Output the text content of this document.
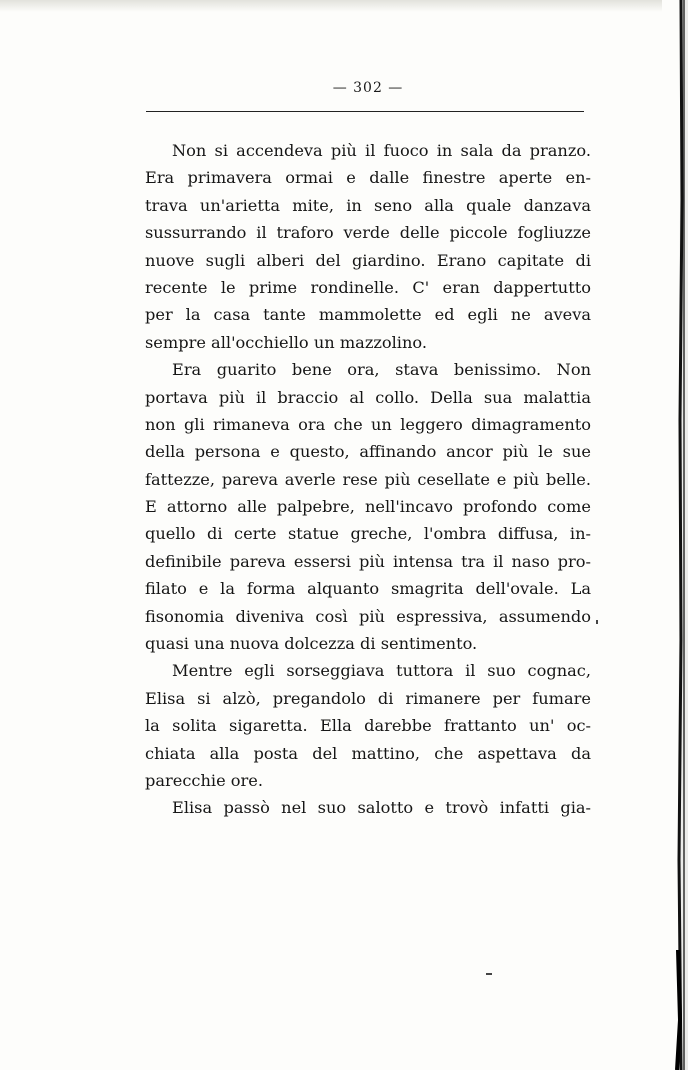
— 302 —
Non si accendeva più il fuoco in sala da pranzo.
Era primavera ormai e dalle finestre aperte en-
trava un'arietta mite, in seno alla quale danzava
sussurrando il traforo verde delle piccole fogliuzze
nuove sugli alberi del giardino. Erano capitate di
recente le prime rondinelle. C' eran dappertutto
per la casa tante mammolette ed egli ne aveva
sempre all'occhiello un mazzolino.
Era guarito bene ora, stava benissimo. Non
portava più il braccio al collo. Della sua malattia
non gli rimaneva ora che un leggero dimagramento
della persona e questo, affinando ancor più le sue
fattezze, pareva averle rese più cesellate e più belle.
E attorno alle palpebre, nell'incavo profondo come
quello di certe statue greche, l'ombra diffusa, in-
definibile pareva essersi più intensa tra il naso pro-
filato e la forma alquanto smagrita dell'ovale. La
fisonomia diveniva così più espressiva, assumendo
quasi una nuova dolcezza di sentimento.
Mentre egli sorseggiava tuttora il suo cognac,
Elisa si alzò, pregandolo di rimanere per fumare
la solita sigaretta. Ella darebbe frattanto un' oc-
chiata alla posta del mattino, che aspettava da
parecchie ore.
Elisa passò nel suo salotto e trovò infatti gia-
